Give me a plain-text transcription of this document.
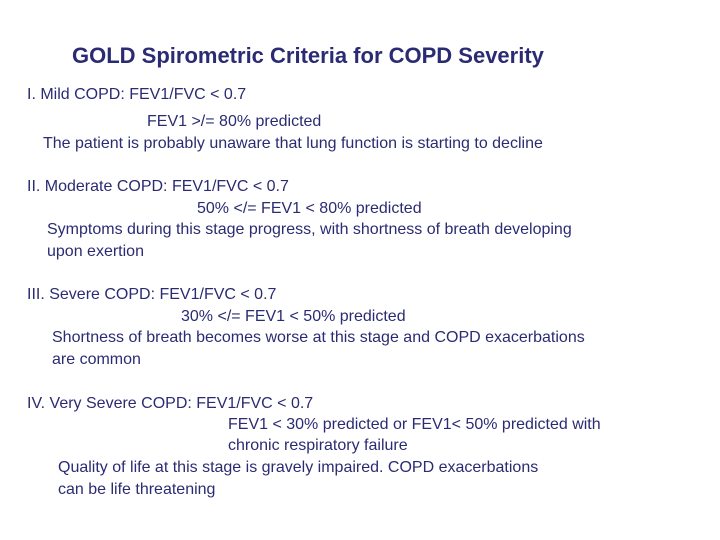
GOLD Spirometric Criteria for COPD Severity
I. Mild COPD: FEV1/FVC < 0.7
FEV1 >/= 80% predicted
The patient is probably unaware that lung function is starting to decline
II. Moderate COPD: FEV1/FVC < 0.7
50% </= FEV1 < 80% predicted
Symptoms during this stage progress, with shortness of breath developing
upon exertion
III. Severe COPD: FEV1/FVC < 0.7
30% </= FEV1 < 50% predicted
Shortness of breath becomes worse at this stage and COPD exacerbations
are common
IV. Very Severe COPD: FEV1/FVC < 0.7
FEV1 < 30% predicted or FEV1< 50% predicted with
chronic respiratory failure
Quality of life at this stage is gravely impaired. COPD exacerbations
can be life threatening
